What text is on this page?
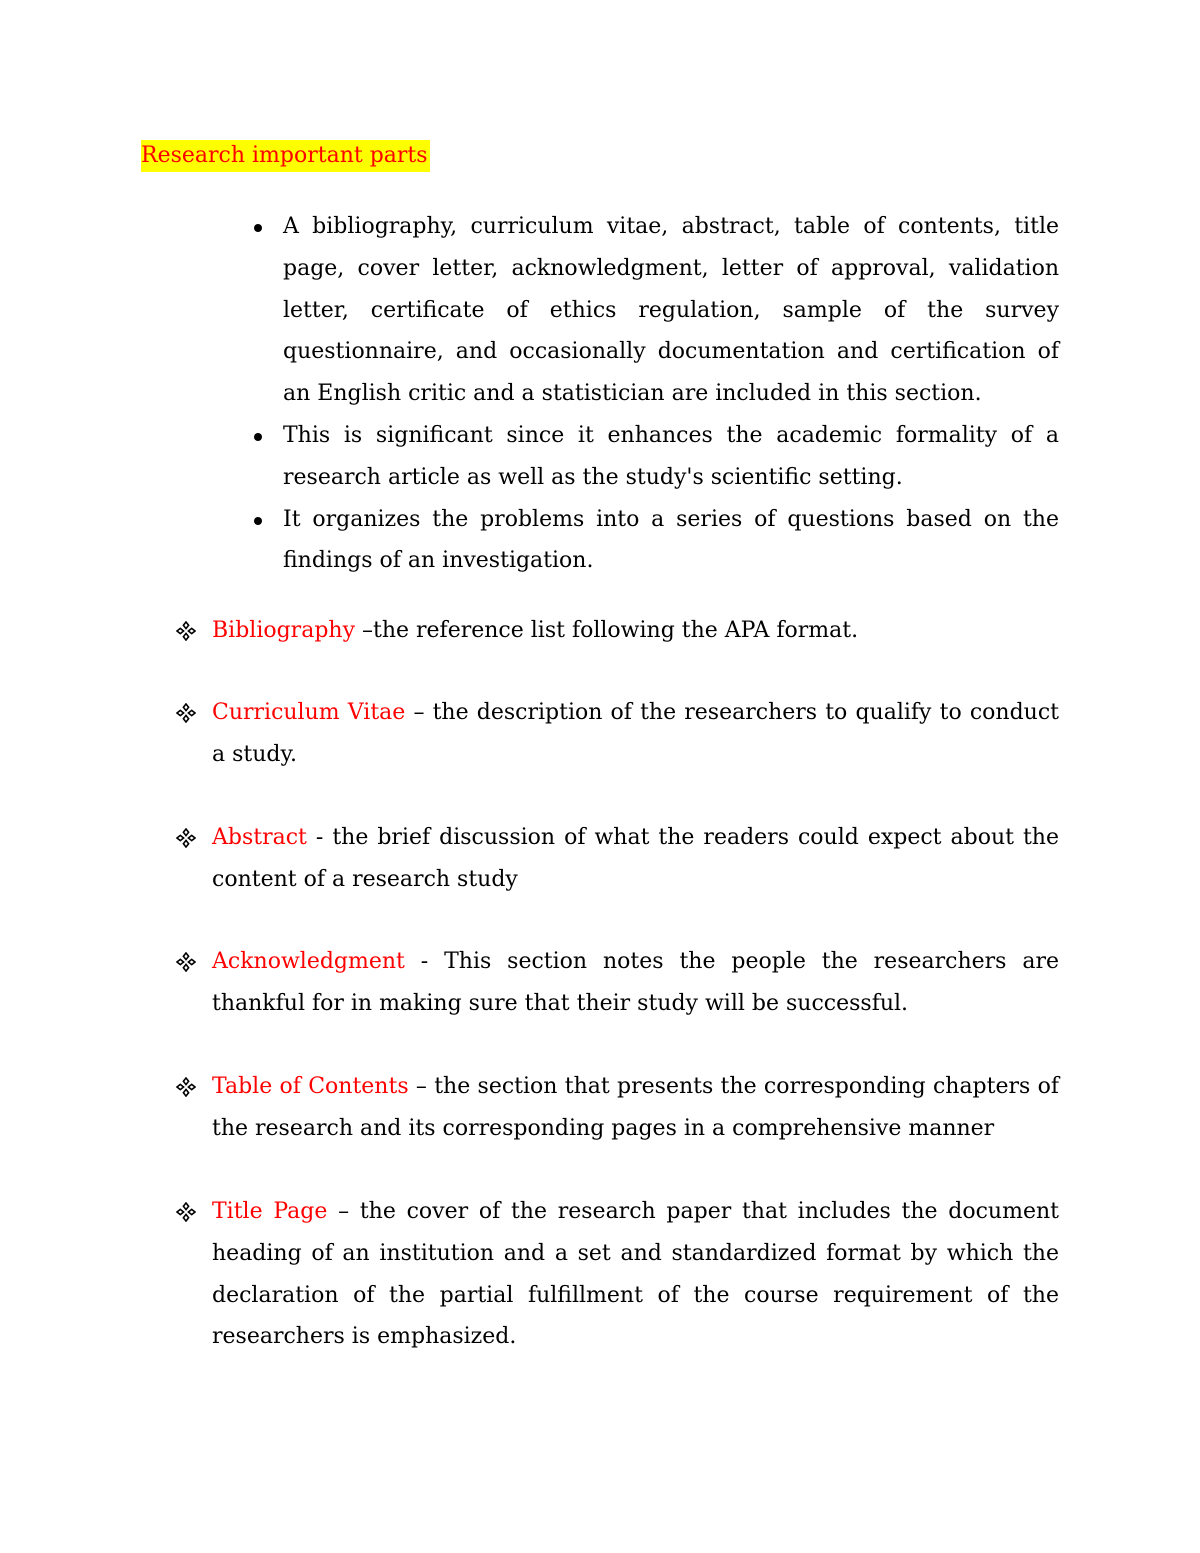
Research important parts
A bibliography, curriculum vitae, abstract, table of contents, title page, cover letter, acknowledgment, letter of approval, validation letter, certificate of ethics regulation, sample of the survey questionnaire, and occasionally documentation and certification of an English critic and a statistician are included in this section.
This is significant since it enhances the academic formality of a research article as well as the study's scientific setting.
It organizes the problems into a series of questions based on the findings of an investigation.
Bibliography –the reference list following the APA format.
Curriculum Vitae – the description of the researchers to qualify to conduct a study.
Abstract - the brief discussion of what the readers could expect about the content of a research study
Acknowledgment - This section notes the people the researchers are thankful for in making sure that their study will be successful.
Table of Contents – the section that presents the corresponding chapters of the research and its corresponding pages in a comprehensive manner
Title Page – the cover of the research paper that includes the document heading of an institution and a set and standardized format by which the declaration of the partial fulfillment of the course requirement of the researchers is emphasized.
